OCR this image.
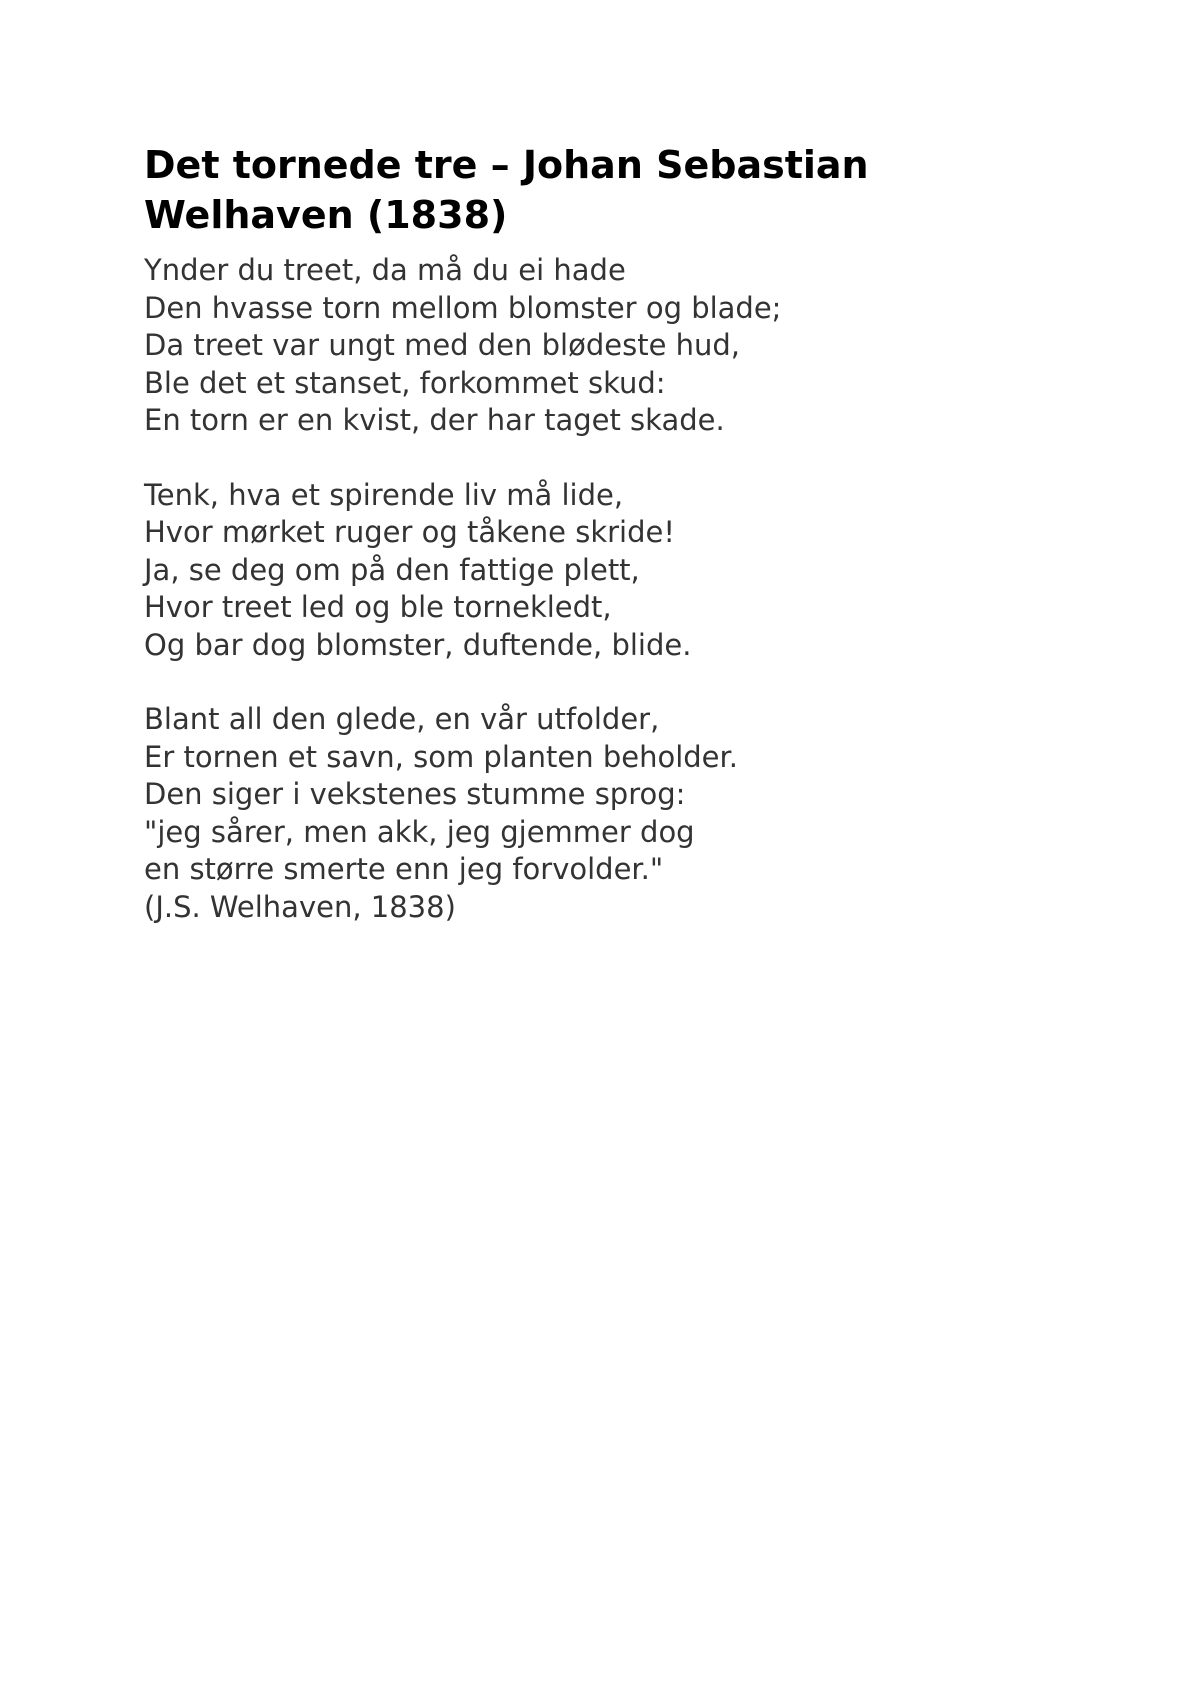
Det tornede tre – Johan Sebastian Welhaven (1838)
Ynder du treet, da må du ei hade
Den hvasse torn mellom blomster og blade;
Da treet var ungt med den blødeste hud,
Ble det et stanset, forkommet skud:
En torn er en kvist, der har taget skade.
Tenk, hva et spirende liv må lide,
Hvor mørket ruger og tåkene skride!
Ja, se deg om på den fattige plett,
Hvor treet led og ble tornekledt,
Og bar dog blomster, duftende, blide.
Blant all den glede, en vår utfolder,
Er tornen et savn, som planten beholder.
Den siger i vekstenes stumme sprog:
"jeg sårer, men akk, jeg gjemmer dog
en større smerte enn jeg forvolder."
(J.S. Welhaven, 1838)
